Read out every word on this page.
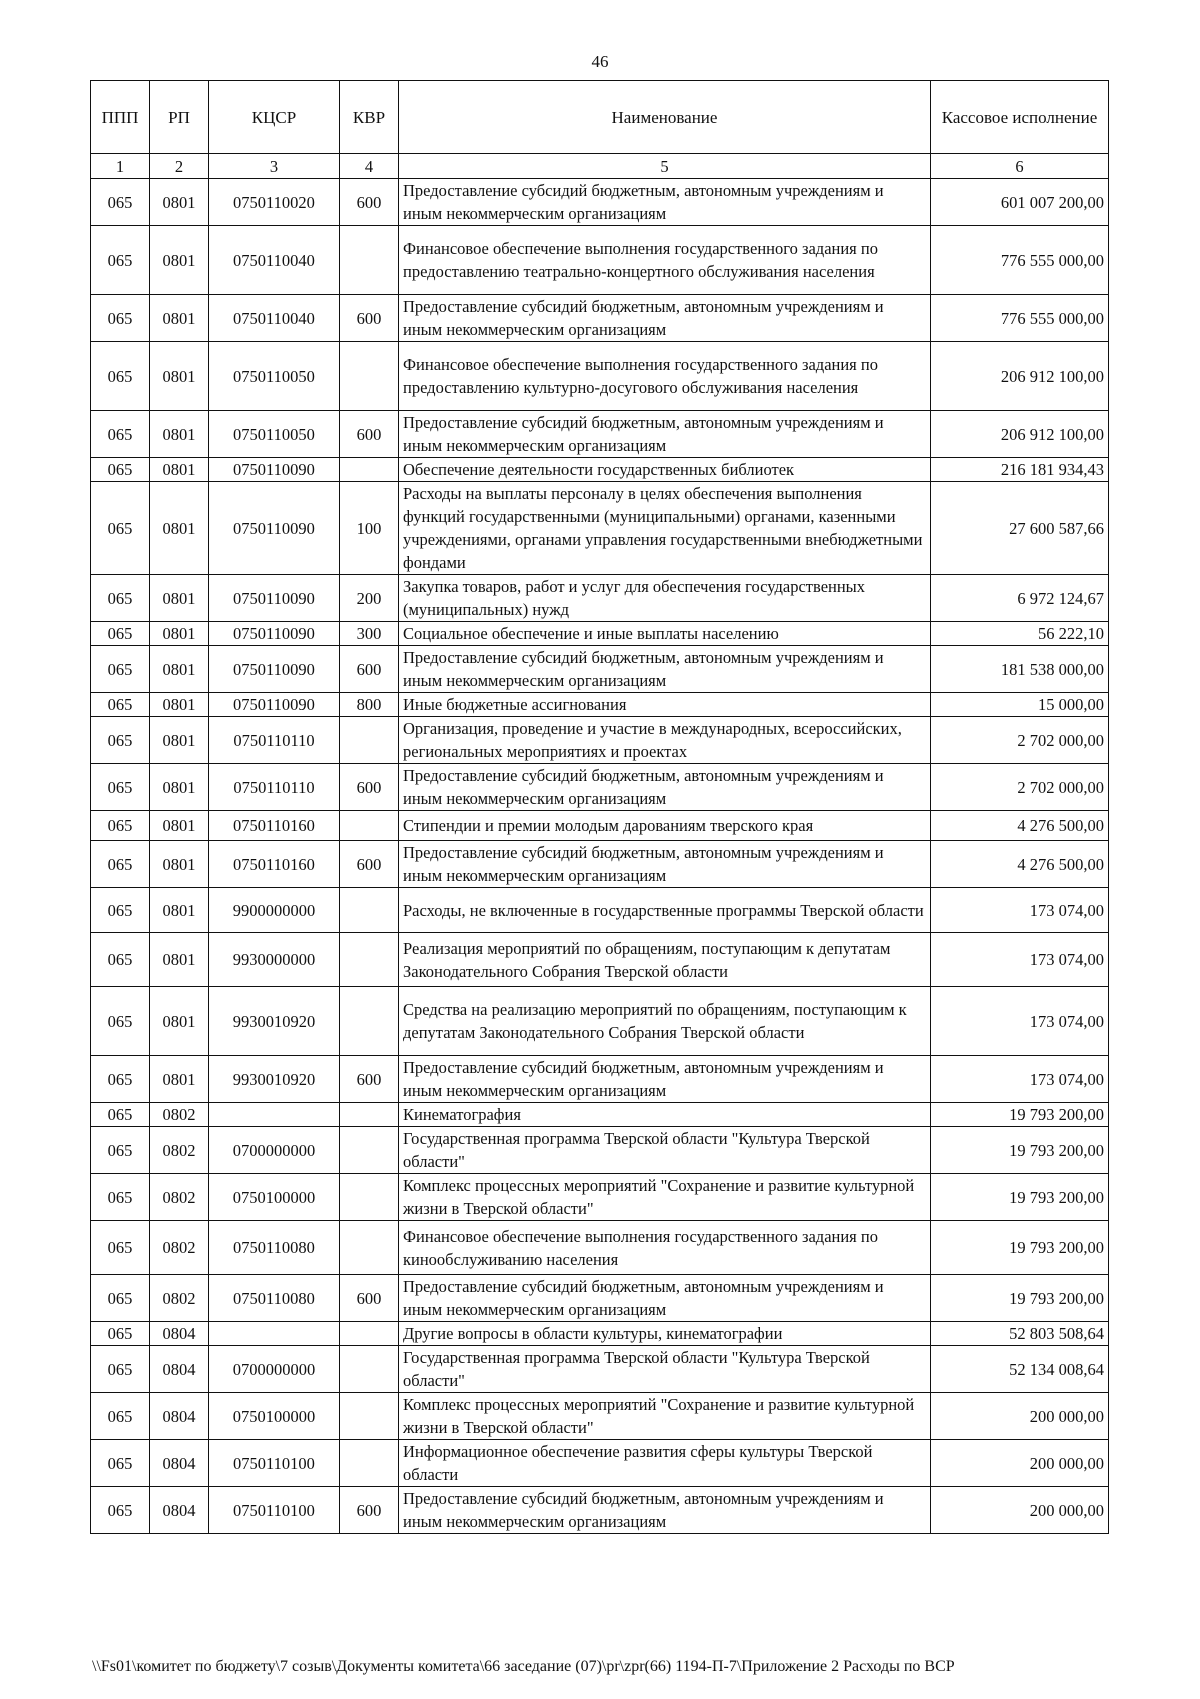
46
ППП	РП	КЦСР	КВР	Наименование	Кассовое исполнение
1	2	3	4	5	6
065	0801	0750110020	600	Предоставление субсидий бюджетным, автономным учреждениям и иным некоммерческим организациям	601 007 200,00
065	0801	0750110040		Финансовое обеспечение выполнения государственного задания по предоставлению театрально-концертного обслуживания населения	776 555 000,00
065	0801	0750110040	600	Предоставление субсидий бюджетным, автономным учреждениям и иным некоммерческим организациям	776 555 000,00
065	0801	0750110050		Финансовое обеспечение выполнения государственного задания по предоставлению культурно-досугового обслуживания населения	206 912 100,00
065	0801	0750110050	600	Предоставление субсидий бюджетным, автономным учреждениям и иным некоммерческим организациям	206 912 100,00
065	0801	0750110090		Обеспечение деятельности государственных библиотек	216 181 934,43
065	0801	0750110090	100	Расходы на выплаты персоналу в целях обеспечения выполнения функций государственными (муниципальными) органами, казенными учреждениями, органами управления государственными внебюджетными фондами	27 600 587,66
065	0801	0750110090	200	Закупка товаров, работ и услуг для обеспечения государственных (муниципальных) нужд	6 972 124,67
065	0801	0750110090	300	Социальное обеспечение и иные выплаты населению	56 222,10
065	0801	0750110090	600	Предоставление субсидий бюджетным, автономным учреждениям и иным некоммерческим организациям	181 538 000,00
065	0801	0750110090	800	Иные бюджетные ассигнования	15 000,00
065	0801	0750110110		Организация, проведение и участие в международных, всероссийских, региональных мероприятиях и проектах	2 702 000,00
065	0801	0750110110	600	Предоставление субсидий бюджетным, автономным учреждениям и иным некоммерческим организациям	2 702 000,00
065	0801	0750110160		Стипендии и премии молодым дарованиям тверского края	4 276 500,00
065	0801	0750110160	600	Предоставление субсидий бюджетным, автономным учреждениям и иным некоммерческим организациям	4 276 500,00
065	0801	9900000000		Расходы, не включенные в государственные программы Тверской области	173 074,00
065	0801	9930000000		Реализация мероприятий по обращениям, поступающим к депутатам Законодательного Собрания Тверской области	173 074,00
065	0801	9930010920		Средства на реализацию мероприятий по обращениям, поступающим к депутатам Законодательного Собрания Тверской области	173 074,00
065	0801	9930010920	600	Предоставление субсидий бюджетным, автономным учреждениям и иным некоммерческим организациям	173 074,00
065	0802			Кинематография	19 793 200,00
065	0802	0700000000		Государственная программа Тверской области "Культура Тверской области"	19 793 200,00
065	0802	0750100000		Комплекс процессных мероприятий "Сохранение и развитие культурной жизни в Тверской области"	19 793 200,00
065	0802	0750110080		Финансовое обеспечение выполнения государственного задания по кинообслуживанию населения	19 793 200,00
065	0802	0750110080	600	Предоставление субсидий бюджетным, автономным учреждениям и иным некоммерческим организациям	19 793 200,00
065	0804			Другие вопросы в области культуры, кинематографии	52 803 508,64
065	0804	0700000000		Государственная программа Тверской области "Культура Тверской области"	52 134 008,64
065	0804	0750100000		Комплекс процессных мероприятий "Сохранение и развитие культурной жизни в Тверской области"	200 000,00
065	0804	0750110100		Информационное обеспечение развития сферы культуры Тверской области	200 000,00
065	0804	0750110100	600	Предоставление субсидий бюджетным, автономным учреждениям и иным некоммерческим организациям	200 000,00
\\Fs01\комитет по бюджету\7 созыв\Документы комитета\66 заседание (07)\pr\zpr(66) 1194-П-7\Приложение 2 Расходы по ВСР
